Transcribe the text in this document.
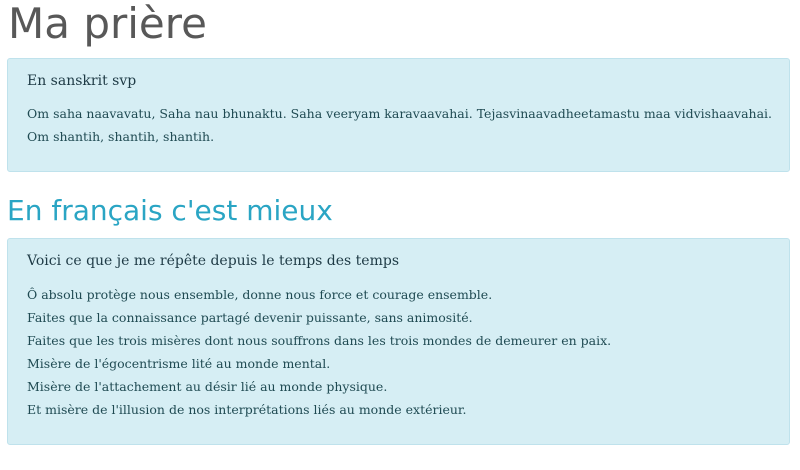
Ma prière

En sanskrit svp

Om saha naavavatu, Saha nau bhunaktu. Saha veeryam karavaavahai. Tejasvinaavadheetamastu maa vidvishaavahai.
Om shantih, shantih, shantih.
En français c'est mieux

Voici ce que je me répête depuis le temps des temps

Ô absolu protège nous ensemble, donne nous force et courage ensemble.
Faites que la connaissance partagé devenir puissante, sans animosité.
Faites que les trois misères dont nous souffrons dans les trois mondes de demeurer en paix.
Misère de l'égocentrisme lité au monde mental.
Misère de l'attachement au désir lié au monde physique.
Et misère de l'illusion de nos interprétations liés au monde extérieur.
